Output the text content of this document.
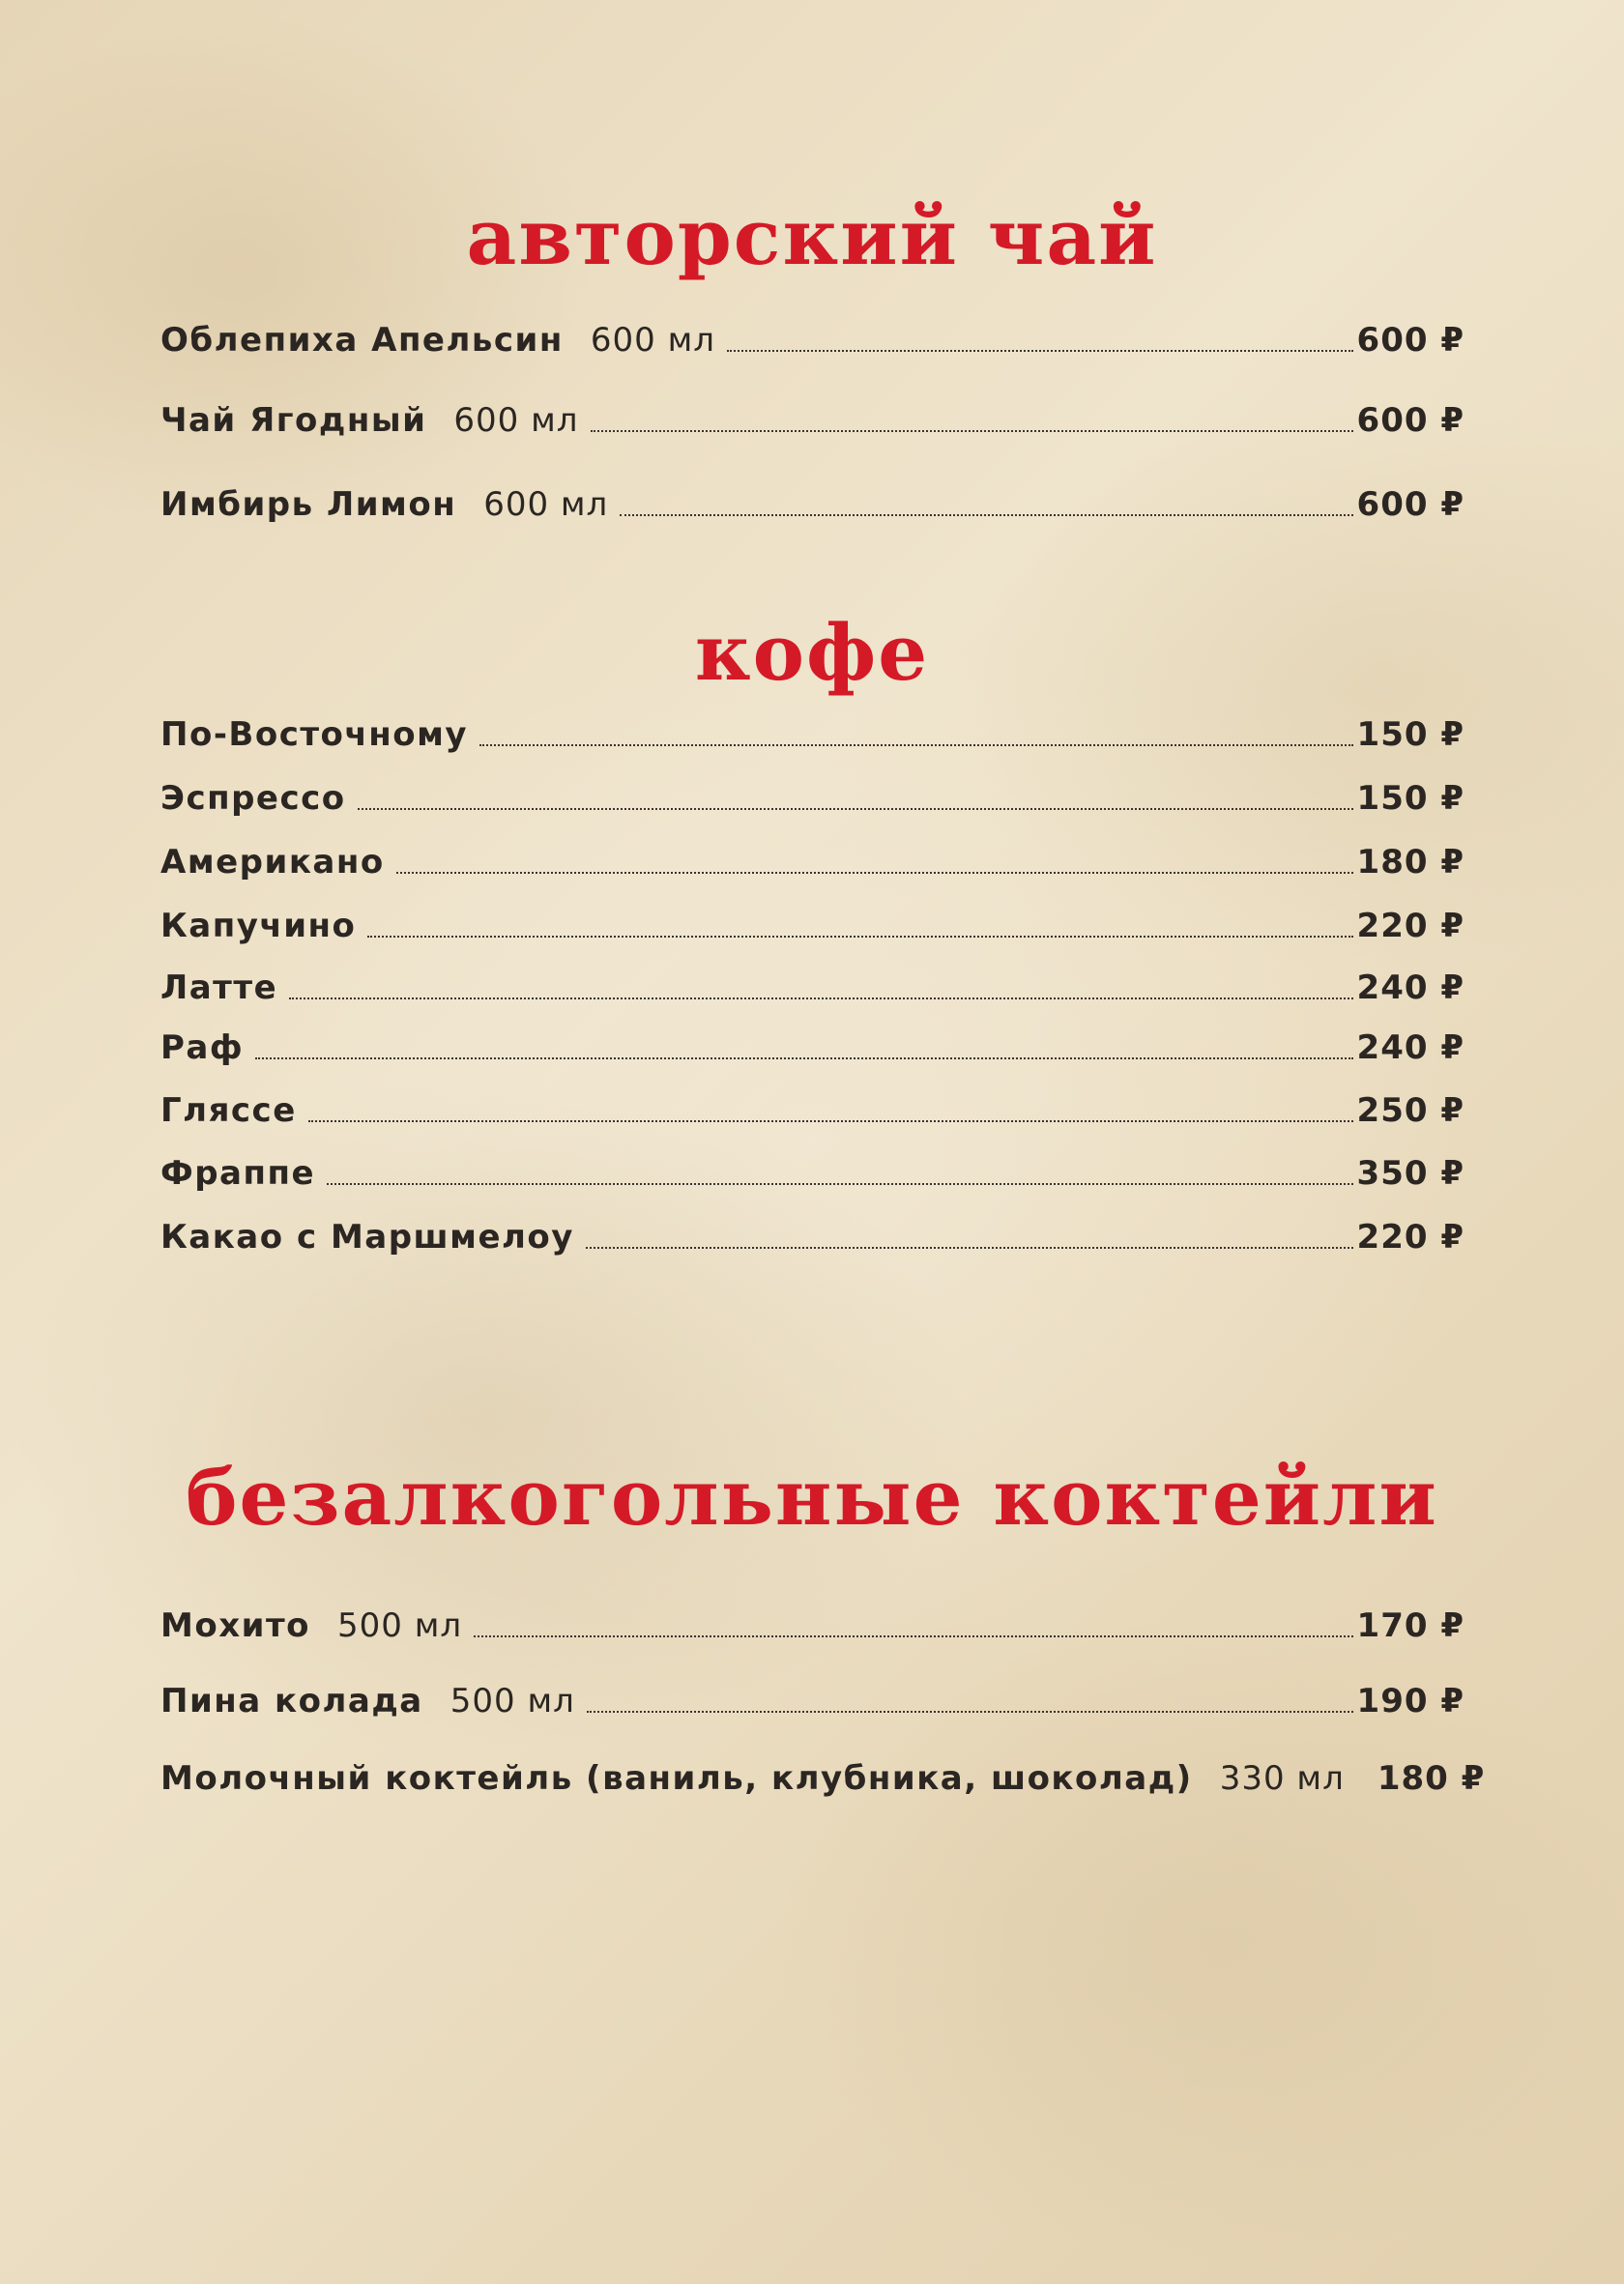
авторский чай
Облепиха Апельсин 600 мл	600 ₽
Чай Ягодный 600 мл	600 ₽
Имбирь Лимон 600 мл	600 ₽
кофе
По-Восточному	150 ₽
Эспрессо	150 ₽
Американо	180 ₽
Капучино	220 ₽
Латте	240 ₽
Раф	240 ₽
Гляссе	250 ₽
Фраппе	350 ₽
Какао с Маршмелоу	220 ₽
безалкогольные коктейли
Мохито 500 мл	170 ₽
Пина колада 500 мл	190 ₽
Молочный коктейль (ваниль, клубника, шоколад) 330 мл 180 ₽
